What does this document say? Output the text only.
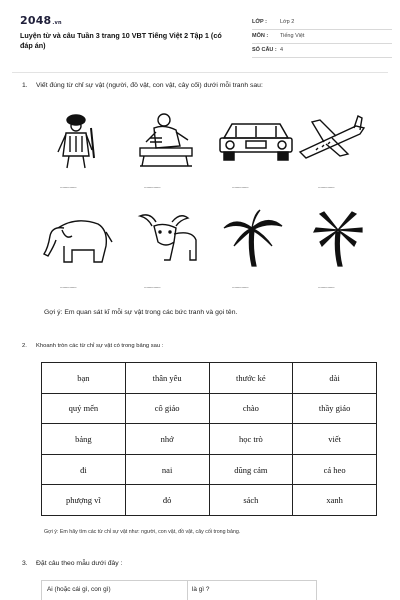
2048.vn
Luyện từ và câu Tuần 3 trang 10 VBT Tiếng Việt 2 Tập 1 (có đáp án)
LỚP : Lớp 2
MÔN : Tiếng Việt
SỐ CÂU : 4
1. Viết đúng từ chỉ sự vật (người, đồ vật, con vật, cây cối) dưới mỗi tranh sau:
..............	..............	..............	..............
..............	..............	..............	..............
Gợi ý: Em quan sát kĩ mỗi sự vật trong các bức tranh và gọi tên.
2. Khoanh tròn các từ chỉ sự vật có trong bảng sau :
bạn	thân yêu	thước kẻ	dài
quý mến	cô giáo	chào	thầy giáo
bảng	nhớ	học trò	viết
đi	nai	dũng cảm	cá heo
phượng vĩ	đỏ	sách	xanh
Gợi ý: Em hãy tìm các từ chỉ sự vật như: người, con vật, đồ vật, cây cối trong bảng.
3. Đặt câu theo mẫu dưới đây :
Ai (hoặc cái gì, con gì)	là gì ?
